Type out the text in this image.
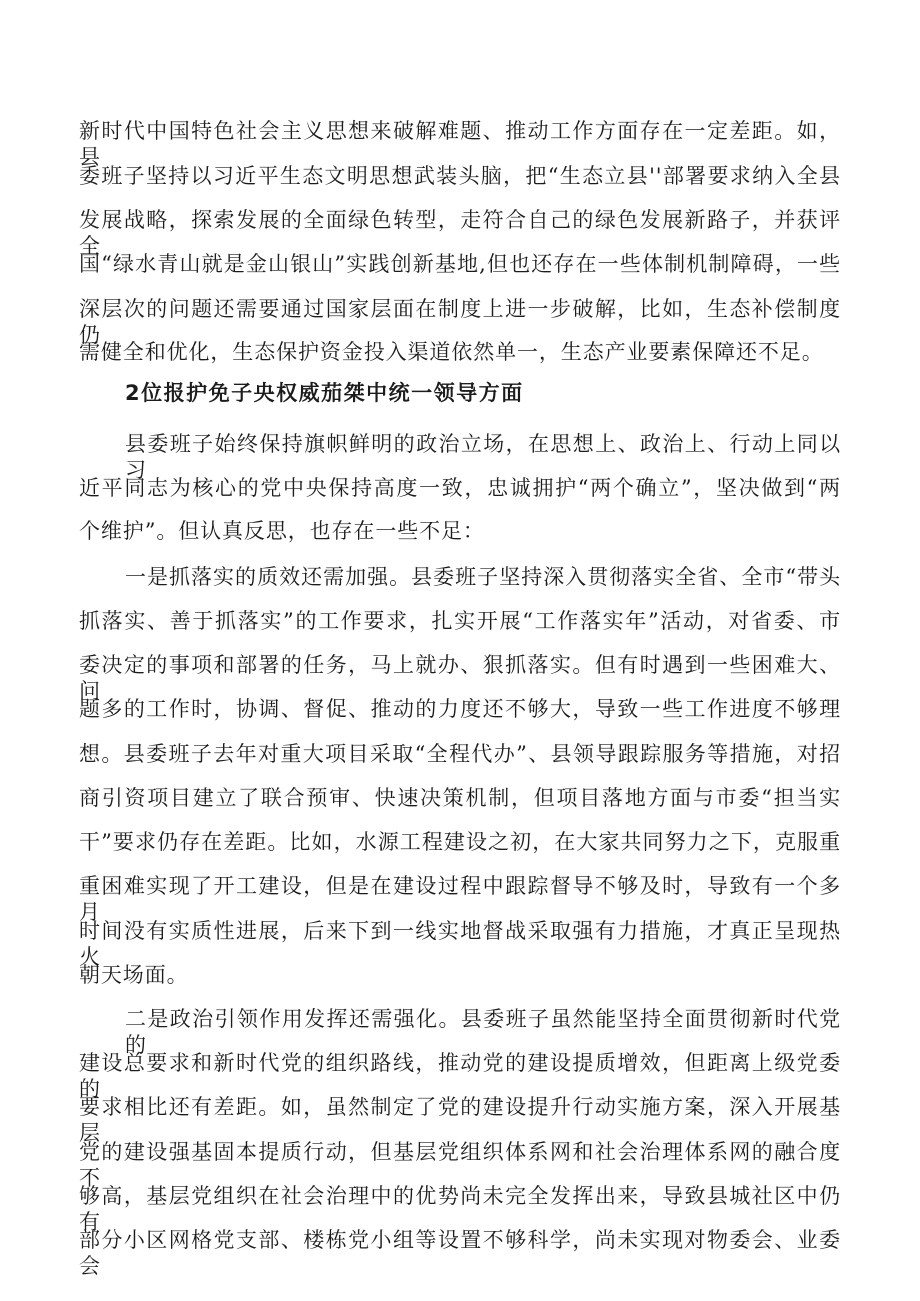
新时代中国特色社会主义思想来破解难题、推动工作方面存在一定差距。如，县
委班子坚持以习近平生态文明思想武装头脑，把“生态立县''部署要求纳入全县
发展战略，探索发展的全面绿色转型，走符合自己的绿色发展新路子，并获评全
国“绿水青山就是金山银山”实践创新基地,但也还存在一些体制机制障碍，一些
深层次的问题还需要通过国家层面在制度上进一步破解，比如，生态补偿制度仍
需健全和优化，生态保护资金投入渠道依然单一，生态产业要素保障还不足。
2位报护免子央权威茄桀中统一领导方面
县委班子始终保持旗帜鲜明的政治立场，在思想上、政治上、行动上同以习
近平同志为核心的党中央保持高度一致，忠诚拥护“两个确立”，坚决做到“两
个维护”。但认真反思，也存在一些不足：
一是抓落实的质效还需加强。县委班子坚持深入贯彻落实全省、全市“带头
抓落实、善于抓落实”的工作要求，扎实开展“工作落实年”活动，对省委、市
委决定的事项和部署的任务，马上就办、狠抓落实。但有时遇到一些困难大、问
题多的工作时，协调、督促、推动的力度还不够大，导致一些工作进度不够理
想。县委班子去年对重大项目采取“全程代办”、县领导跟踪服务等措施，对招
商引资项目建立了联合预审、快速决策机制，但项目落地方面与市委“担当实
干”要求仍存在差距。比如，水源工程建设之初，在大家共同努力之下，克服重
重困难实现了开工建设，但是在建设过程中跟踪督导不够及时，导致有一个多月
时间没有实质性进展，后来下到一线实地督战采取强有力措施，才真正呈现热火
朝天场面。
二是政治引领作用发挥还需强化。县委班子虽然能坚持全面贯彻新时代党的
建设总要求和新时代党的组织路线，推动党的建设提质增效，但距离上级党委的
要求相比还有差距。如，虽然制定了党的建设提升行动实施方案，深入开展基层
党的建设强基固本提质行动，但基层党组织体系网和社会治理体系网的融合度不
够高，基层党组织在社会治理中的优势尚未完全发挥出来，导致县城社区中仍有
部分小区网格党支部、楼栋党小组等设置不够科学，尚未实现对物委会、业委会
